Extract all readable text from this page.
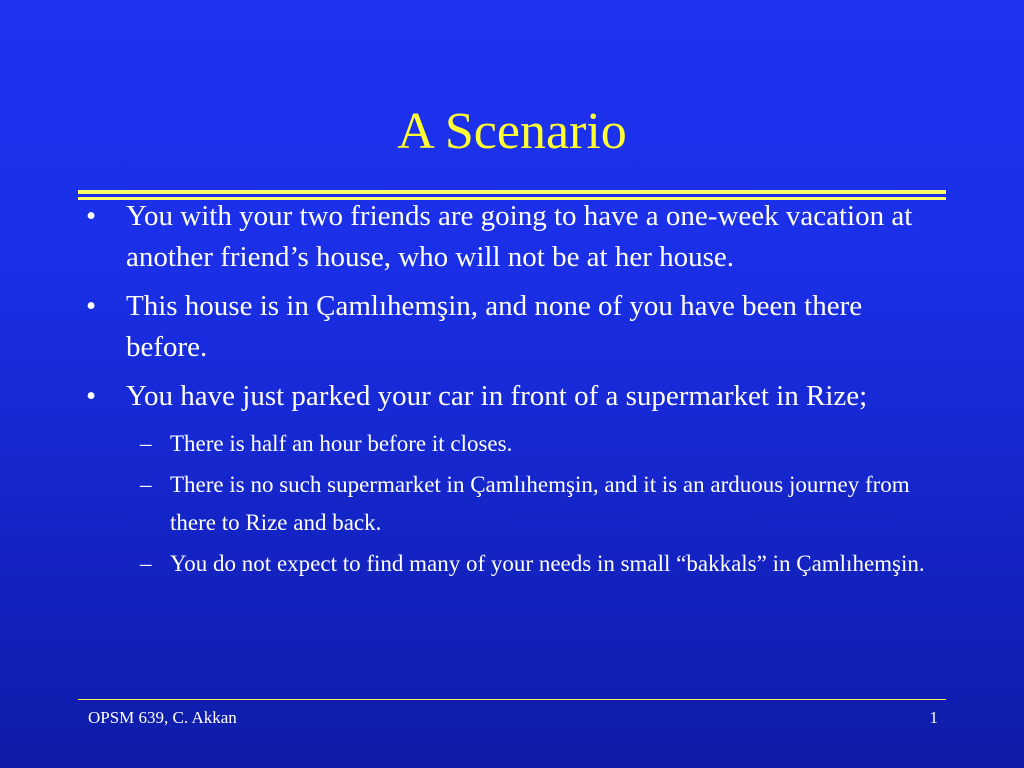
A Scenario
• You with your two friends are going to have a one-week vacation at another friend’s house, who will not be at her house.
• This house is in Çamlıhemşin, and none of you have been there before.
• You have just parked your car in front of a supermarket in Rize;
– There is half an hour before it closes.
– There is no such supermarket in Çamlıhemşin, and it is an arduous journey from there to Rize and back.
– You do not expect to find many of your needs in small “bakkals” in Çamlıhemşin.
OPSM 639, C. Akkan	1
